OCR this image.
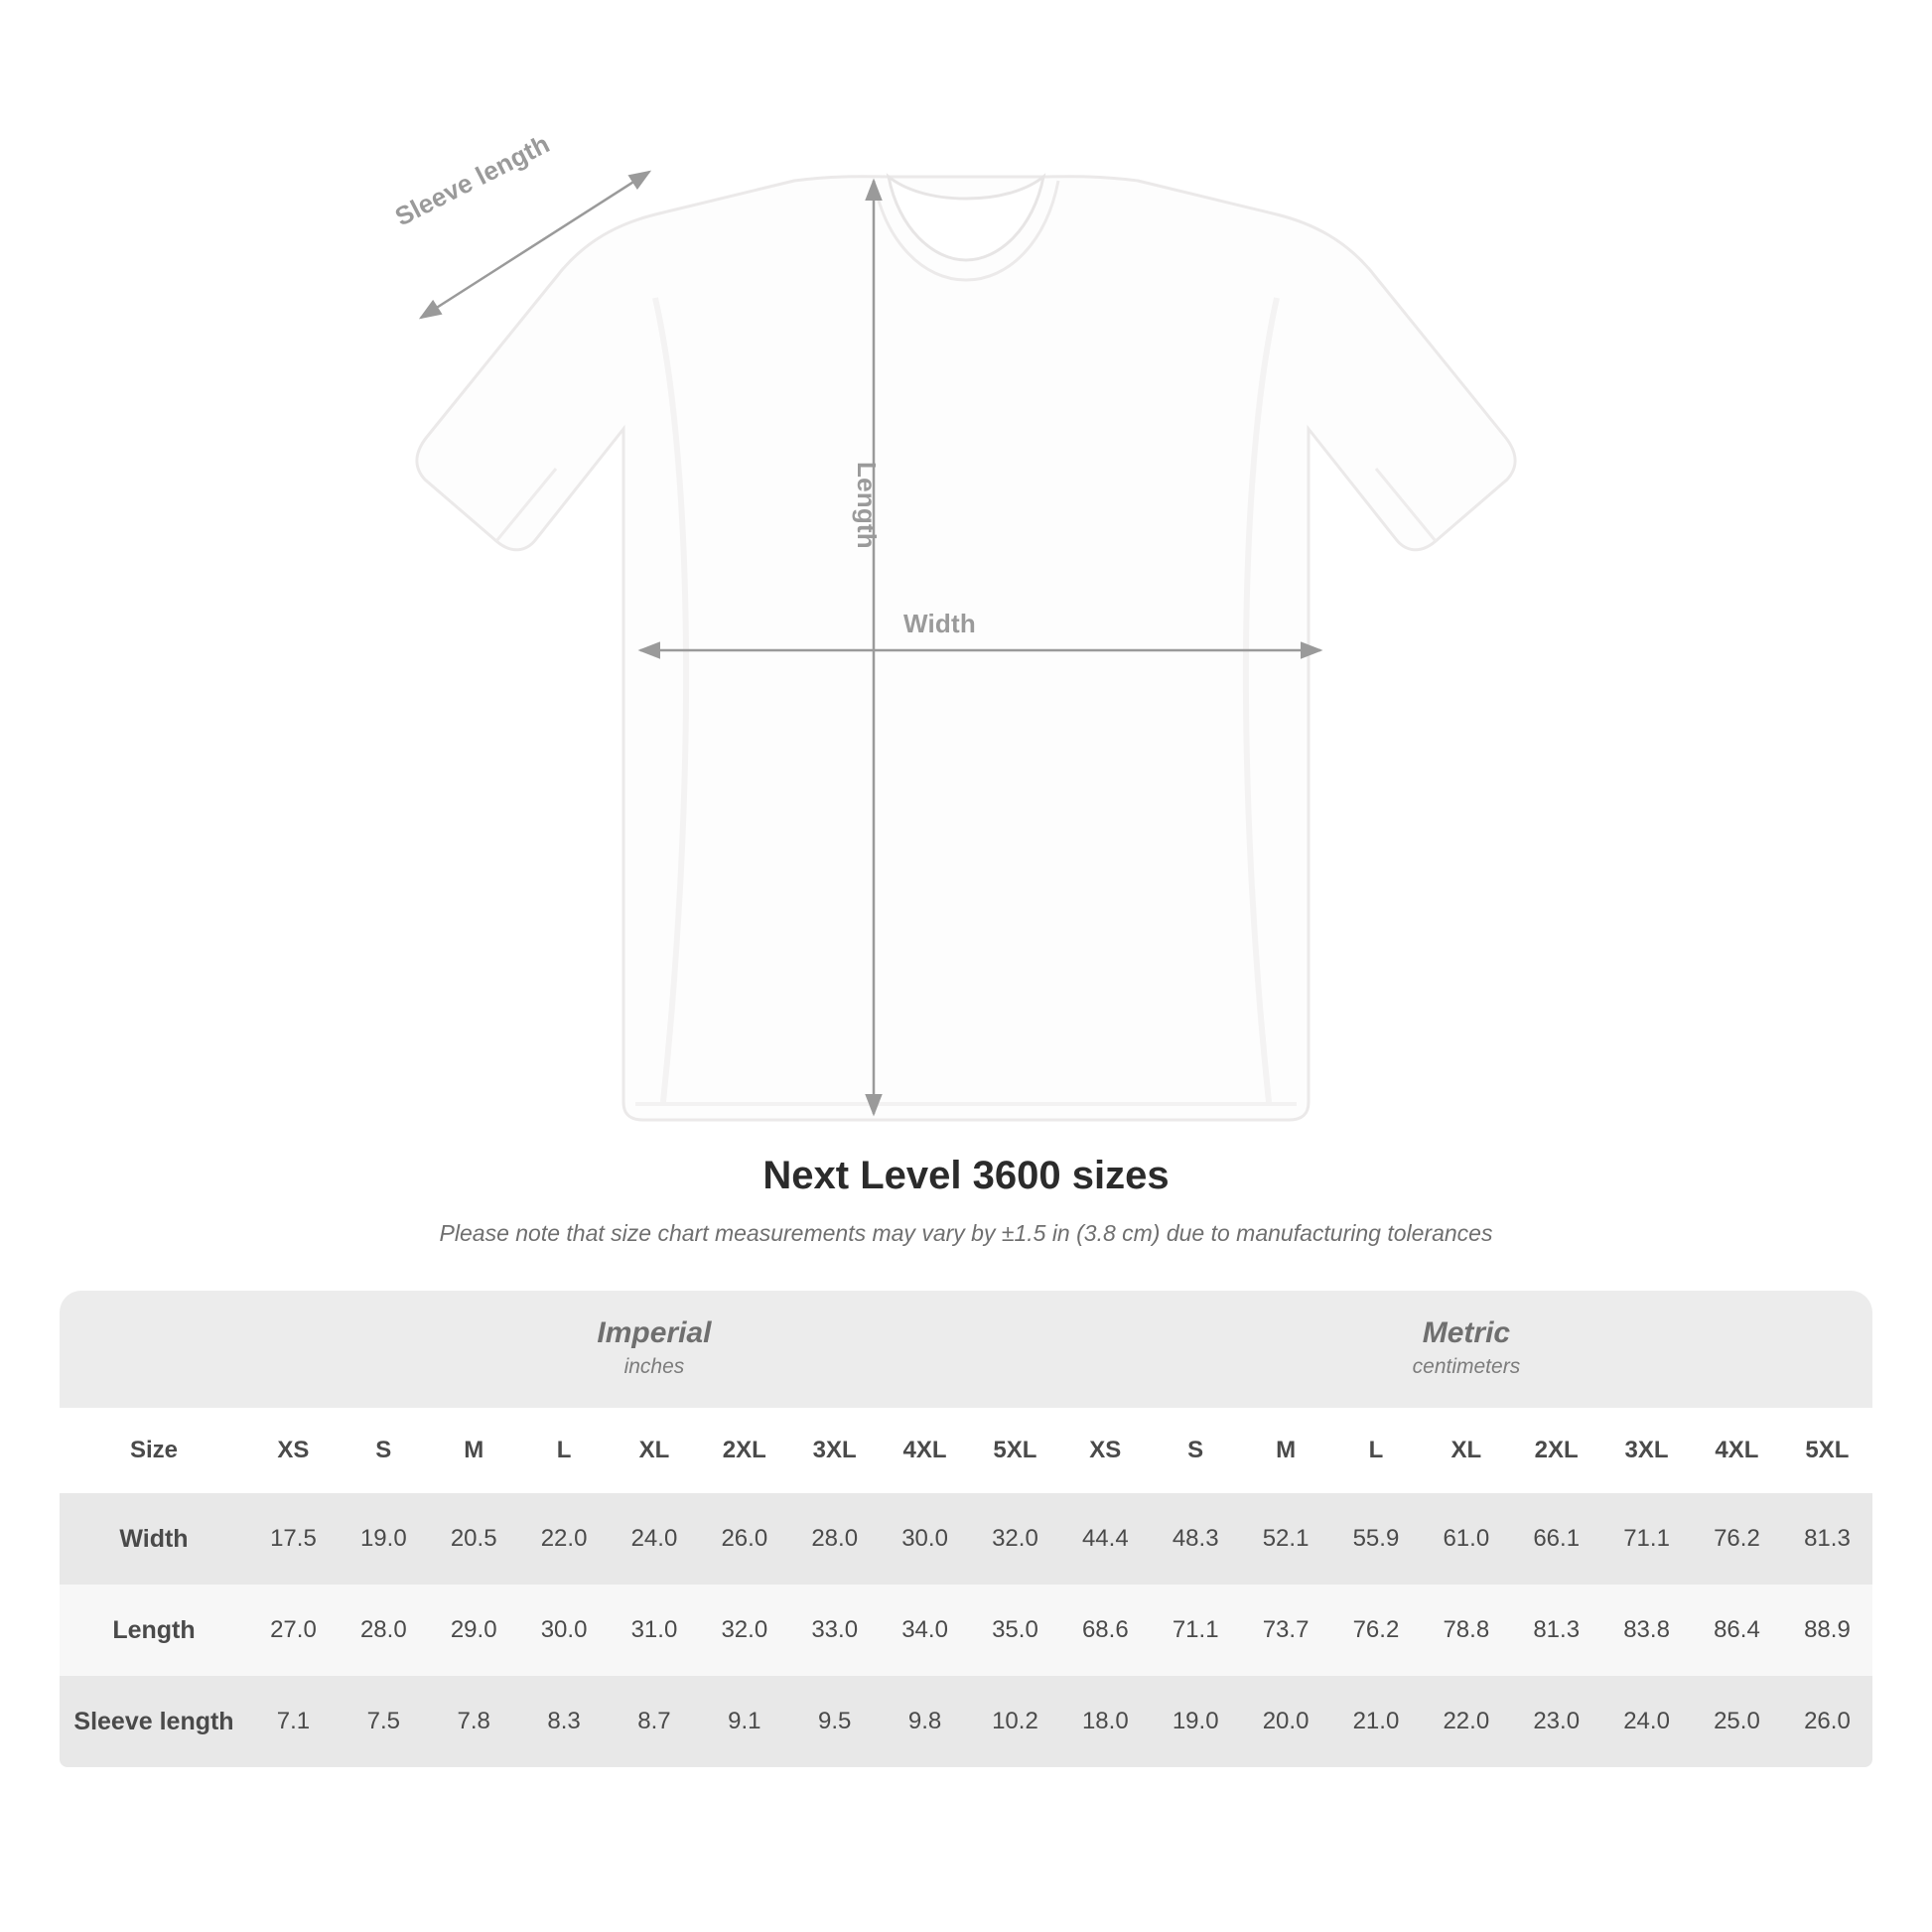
Sleeve length
Length
Width
Next Level 3600 sizes

Please note that size chart measurements may vary by ±1.5 in (3.8 cm) due to manufacturing tolerances

Imperial
inches

Metric
centimeters

Size	XS	S	M	L	XL	2XL	3XL	4XL	5XL	XS	S	M	L	XL	2XL	3XL	4XL	5XL
Width	17.5	19.0	20.5	22.0	24.0	26.0	28.0	30.0	32.0	44.4	48.3	52.1	55.9	61.0	66.1	71.1	76.2	81.3
Length	27.0	28.0	29.0	30.0	31.0	32.0	33.0	34.0	35.0	68.6	71.1	73.7	76.2	78.8	81.3	83.8	86.4	88.9
Sleeve length	7.1	7.5	7.8	8.3	8.7	9.1	9.5	9.8	10.2	18.0	19.0	20.0	21.0	22.0	23.0	24.0	25.0	26.0
